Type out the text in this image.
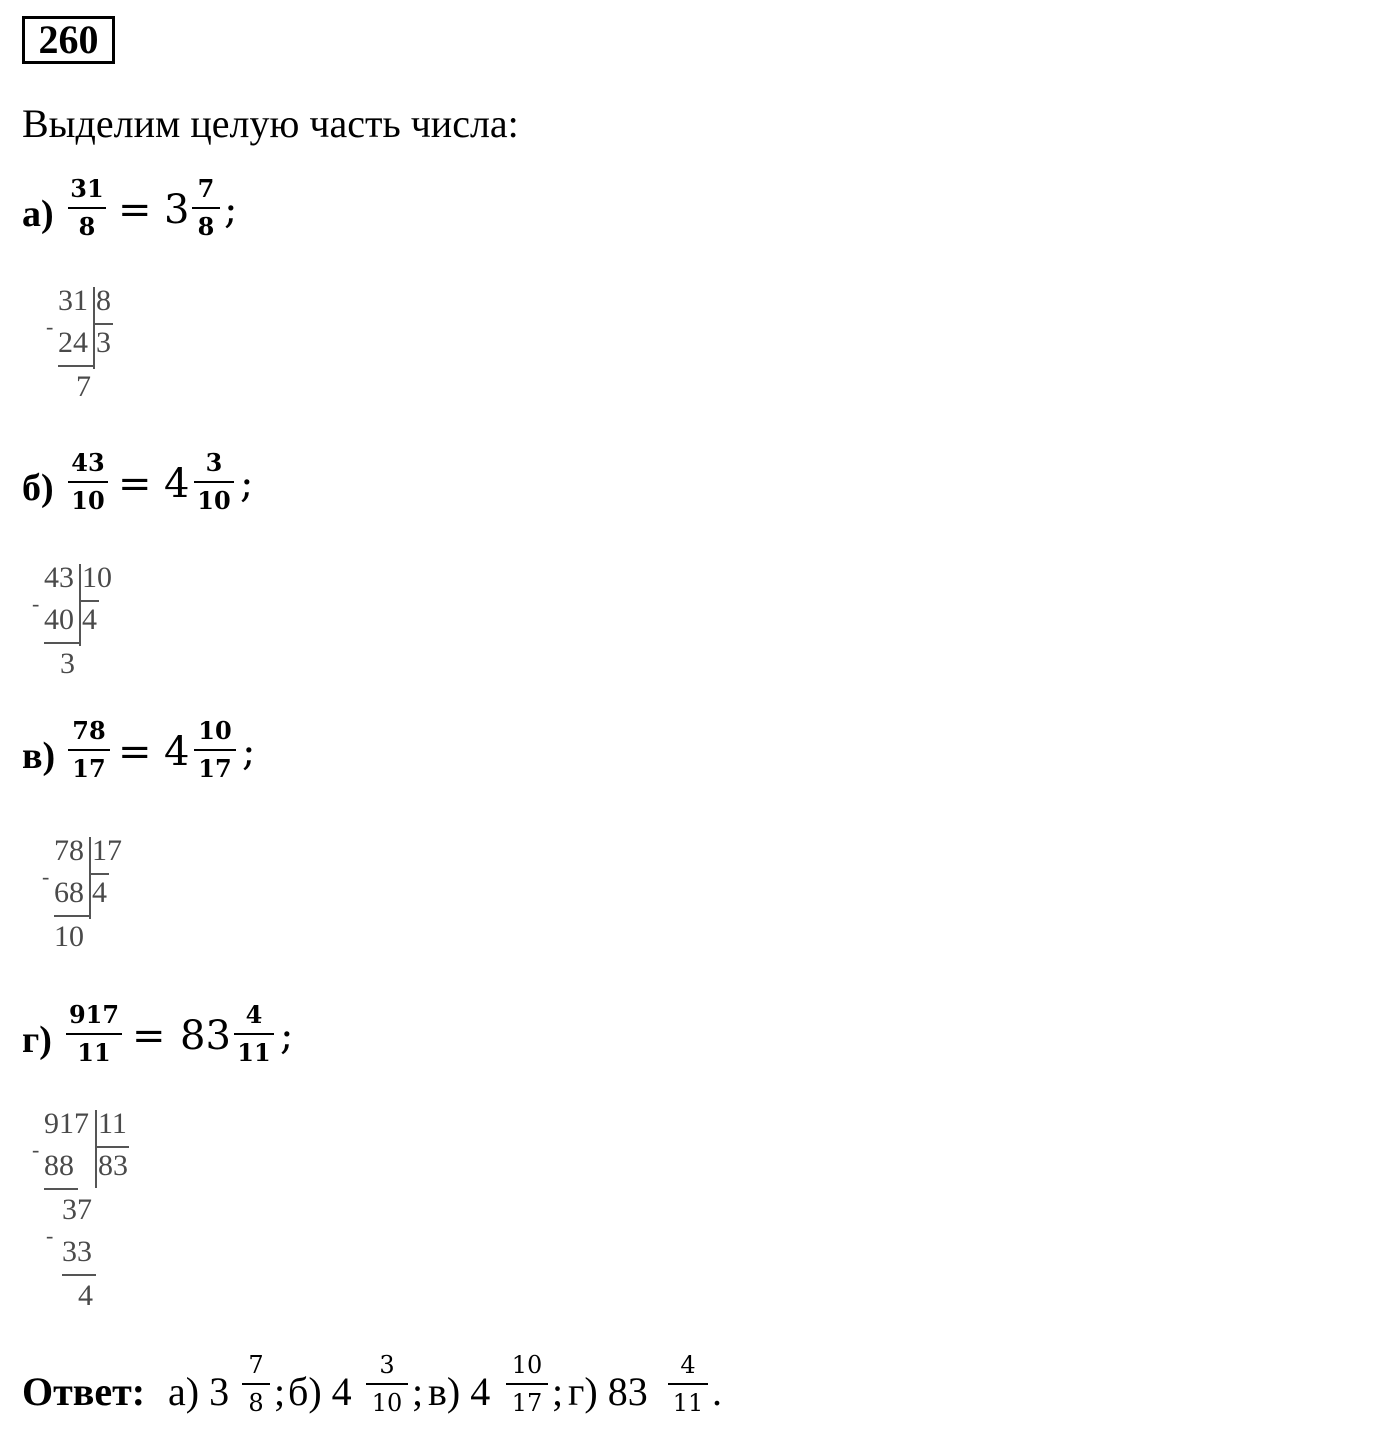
260
Выделим целую часть числа:
а)
31
8 = 3 7
8 ;
31 8
- 24 3
7
б)
43
10 = 4 3
10 ;
43 10
- 40 4
3
в)
78
17 = 4 10
17 ;
78 17
- 68 4
10
г)
917
11 = 83 4
11 ;
917 11
- 88 83
37
- 33
4
Ответ: а) 3
7
8 ; б) 4
3
10 ; в) 4
10
17 ; г) 83
4
11 .
